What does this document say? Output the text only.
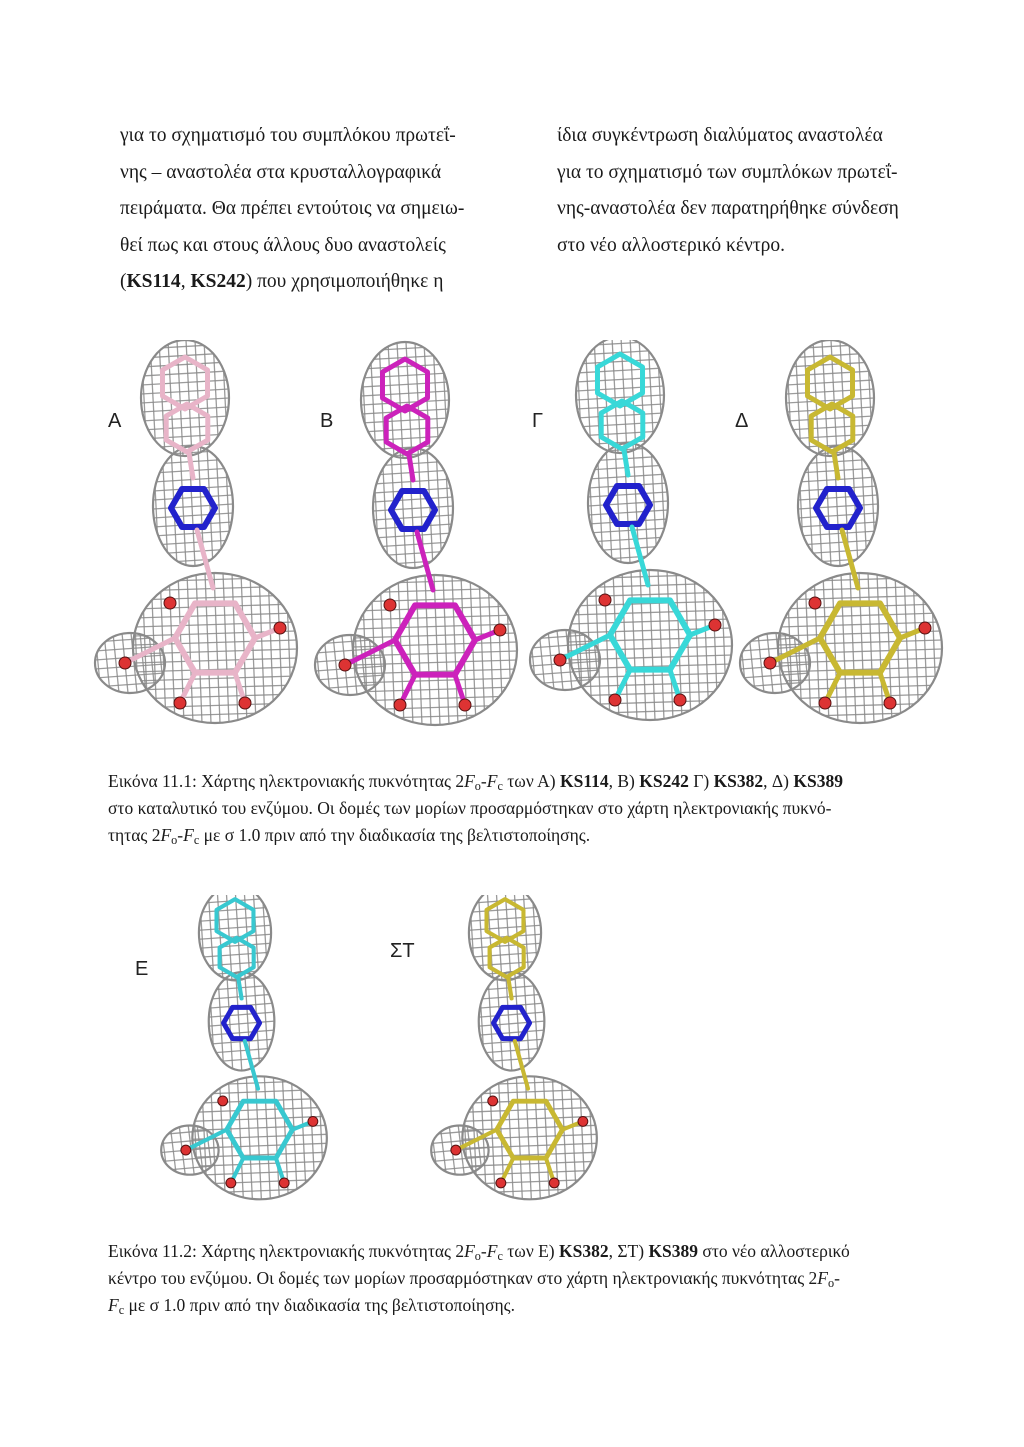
για το σχηματισμό του συμπλόκου πρωτεΐ-

νης – αναστολέα στα κρυσταλλογραφικά

πειράματα. Θα πρέπει εντούτοις να σημειω-

θεί πως και στους άλλους δυο αναστολείς

(KS114, KS242) που χρησιμοποιήθηκε η

ίδια συγκέντρωση διαλύματος αναστολέα

για το σχηματισμό των συμπλόκων πρωτεΐ-

νης-αναστολέα δεν παρατηρήθηκε σύνδεση

στο νέο αλλοστερικό κέντρο.

Α	Β	Γ	Δ

Εικόνα 11.1: Χάρτης ηλεκτρονιακής πυκνότητας $2F_o-F_c$ των Α) KS114, Β) KS242 Γ) KS382, Δ) KS389

στο καταλυτικό του ενζύμου. Οι δομές των μορίων προσαρμόστηκαν στο χάρτη ηλεκτρονιακής πυκνό-

τητας $2F_o-F_c$ με σ 1.0 πριν από την διαδικασία της βελτιστοποίησης.

Ε
ΣΤ

Εικόνα 11.2: Χάρτης ηλεκτρονιακής πυκνότητας $2F_o-F_c$ των Ε) KS382, ΣΤ) KS389 στο νέο αλλοστερικό

κέντρο του ενζύμου. Οι δομές των μορίων προσαρμόστηκαν στο χάρτη ηλεκτρονιακής πυκνότητας $2F_o-$

$F_c$ με σ 1.0 πριν από την διαδικασία της βελτιστοποίησης.
